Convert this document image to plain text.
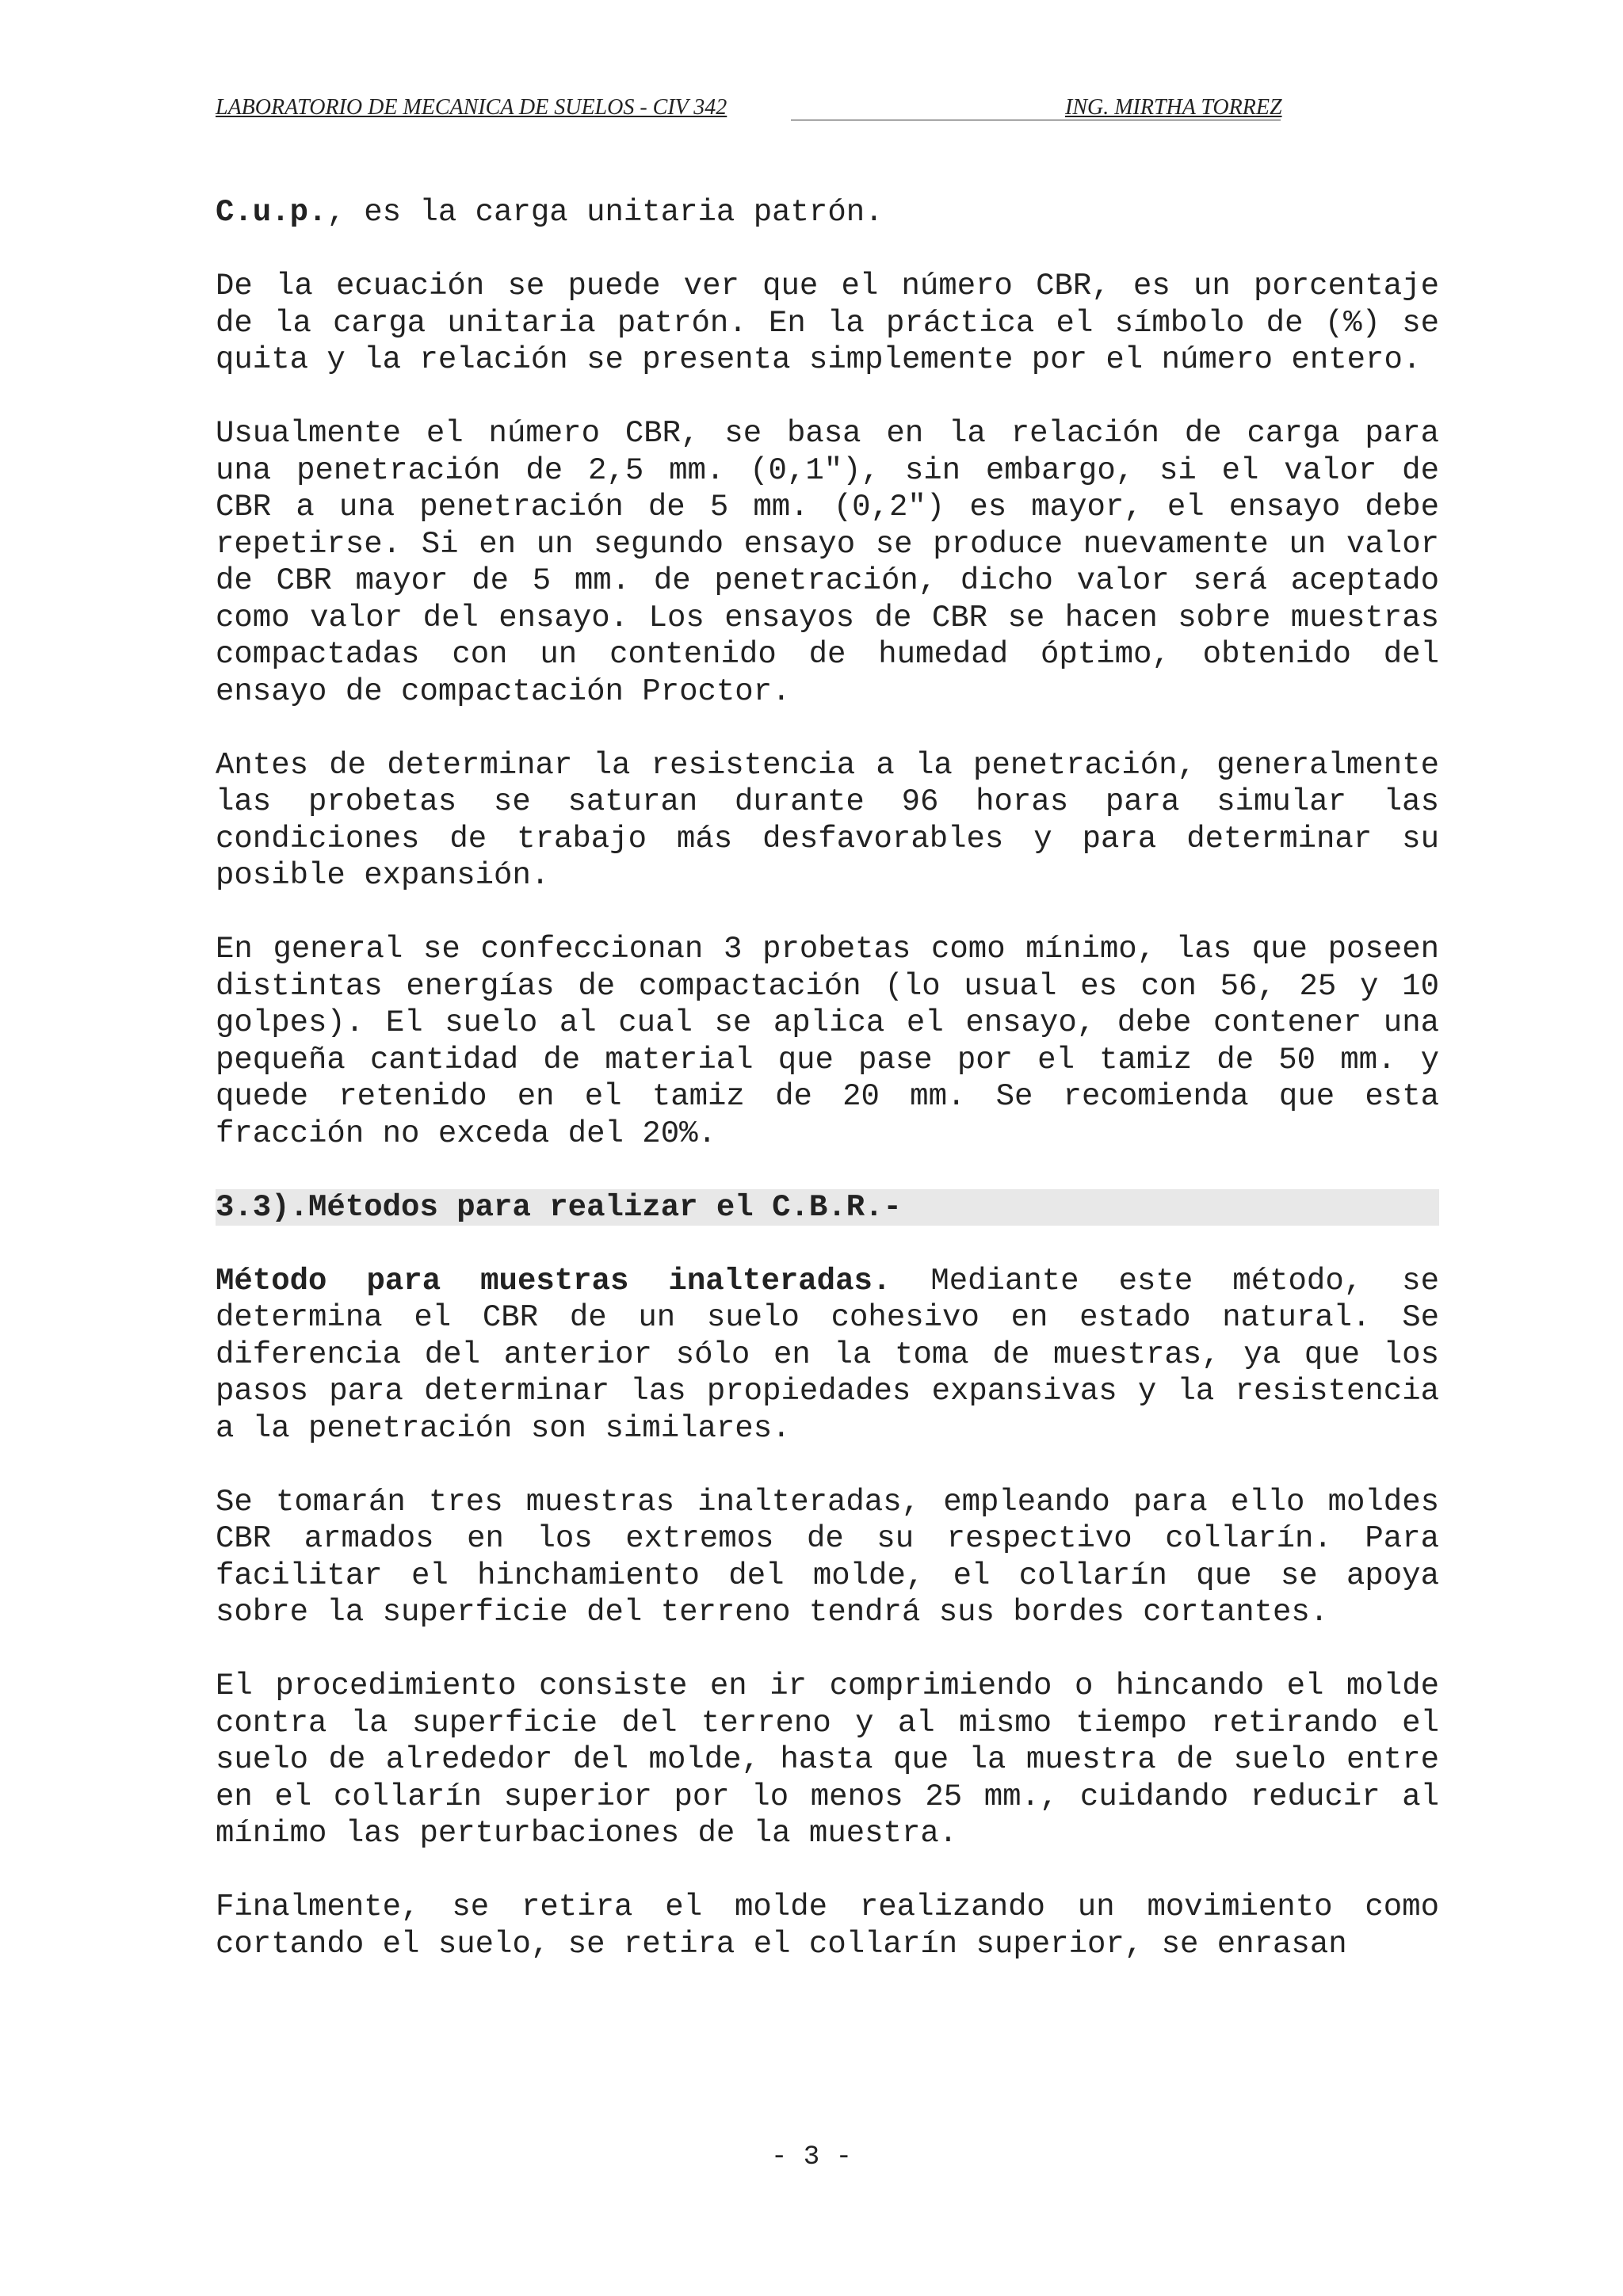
LABORATORIO DE MECANICA DE SUELOS - CIV 342	ING. MIRTHA TORREZ

C.u.p., es la carga unitaria patrón.

De la ecuación se puede ver que el número CBR, es un porcentaje de la carga unitaria patrón. En la práctica el símbolo de (%) se quita y la relación se presenta simplemente por el número entero.

Usualmente el número CBR, se basa en la relación de carga para una penetración de 2,5 mm. (0,1"), sin embargo, si el valor de CBR a una penetración de 5 mm. (0,2") es mayor, el ensayo debe repetirse. Si en un segundo ensayo se produce nuevamente un valor de CBR mayor de 5 mm. de penetración, dicho valor será aceptado como valor del ensayo. Los ensayos de CBR se hacen sobre muestras compactadas con un contenido de humedad óptimo, obtenido del ensayo de compactación Proctor.

Antes de determinar la resistencia a la penetración, generalmente las probetas se saturan durante 96 horas para simular las condiciones de trabajo más desfavorables y para determinar su posible expansión.

En general se confeccionan 3 probetas como mínimo, las que poseen distintas energías de compactación (lo usual es con 56, 25 y 10 golpes). El suelo al cual se aplica el ensayo, debe contener una pequeña cantidad de material que pase por el tamiz de 50 mm. y quede retenido en el tamiz de 20 mm. Se recomienda que esta fracción no exceda del 20%.

3.3).Métodos para realizar el C.B.R.-

Método para muestras inalteradas. Mediante este método, se determina el CBR de un suelo cohesivo en estado natural. Se diferencia del anterior sólo en la toma de muestras, ya que los pasos para determinar las propiedades expansivas y la resistencia a la penetración son similares.

Se tomarán tres muestras inalteradas, empleando para ello moldes CBR armados en los extremos de su respectivo collarín. Para facilitar el hinchamiento del molde, el collarín que se apoya sobre la superficie del terreno tendrá sus bordes cortantes.

El procedimiento consiste en ir comprimiendo o hincando el molde contra la superficie del terreno y al mismo tiempo retirando el suelo de alrededor del molde, hasta que la muestra de suelo entre en el collarín superior por lo menos 25 mm., cuidando reducir al mínimo las perturbaciones de la muestra.

Finalmente, se retira el molde realizando un movimiento como cortando el suelo, se retira el collarín superior, se enrasan

- 3 -
